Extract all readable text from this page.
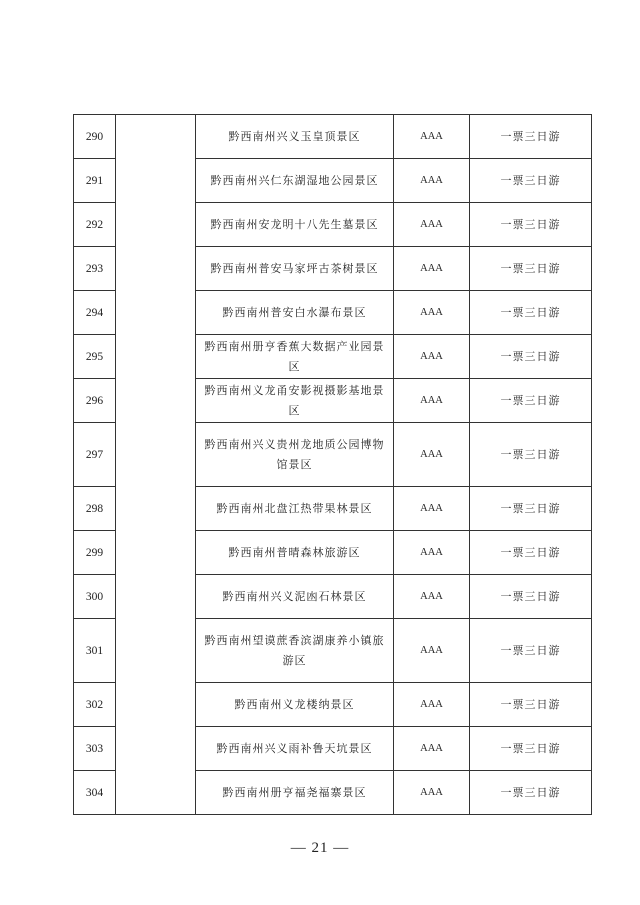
290		黔西南州兴义玉皇顶景区	AAA	一票三日游
291		黔西南州兴仁东湖湿地公园景区	AAA	一票三日游
292		黔西南州安龙明十八先生墓景区	AAA	一票三日游
293		黔西南州普安马家坪古茶树景区	AAA	一票三日游
294		黔西南州普安白水瀑布景区	AAA	一票三日游
295		黔西南州册亨香蕉大数据产业园景区	AAA	一票三日游
296		黔西南州义龙甬安影视摄影基地景区	AAA	一票三日游
297		黔西南州兴义贵州龙地质公园博物馆景区	AAA	一票三日游
298		黔西南州北盘江热带果林景区	AAA	一票三日游
299		黔西南州普晴森林旅游区	AAA	一票三日游
300		黔西南州兴义泥凼石林景区	AAA	一票三日游
301		黔西南州望谟蔗香滨湖康养小镇旅游区	AAA	一票三日游
302		黔西南州义龙楼纳景区	AAA	一票三日游
303		黔西南州兴义雨补鲁天坑景区	AAA	一票三日游
304		黔西南州册亨福尧福寨景区	AAA	一票三日游
— 21 —
